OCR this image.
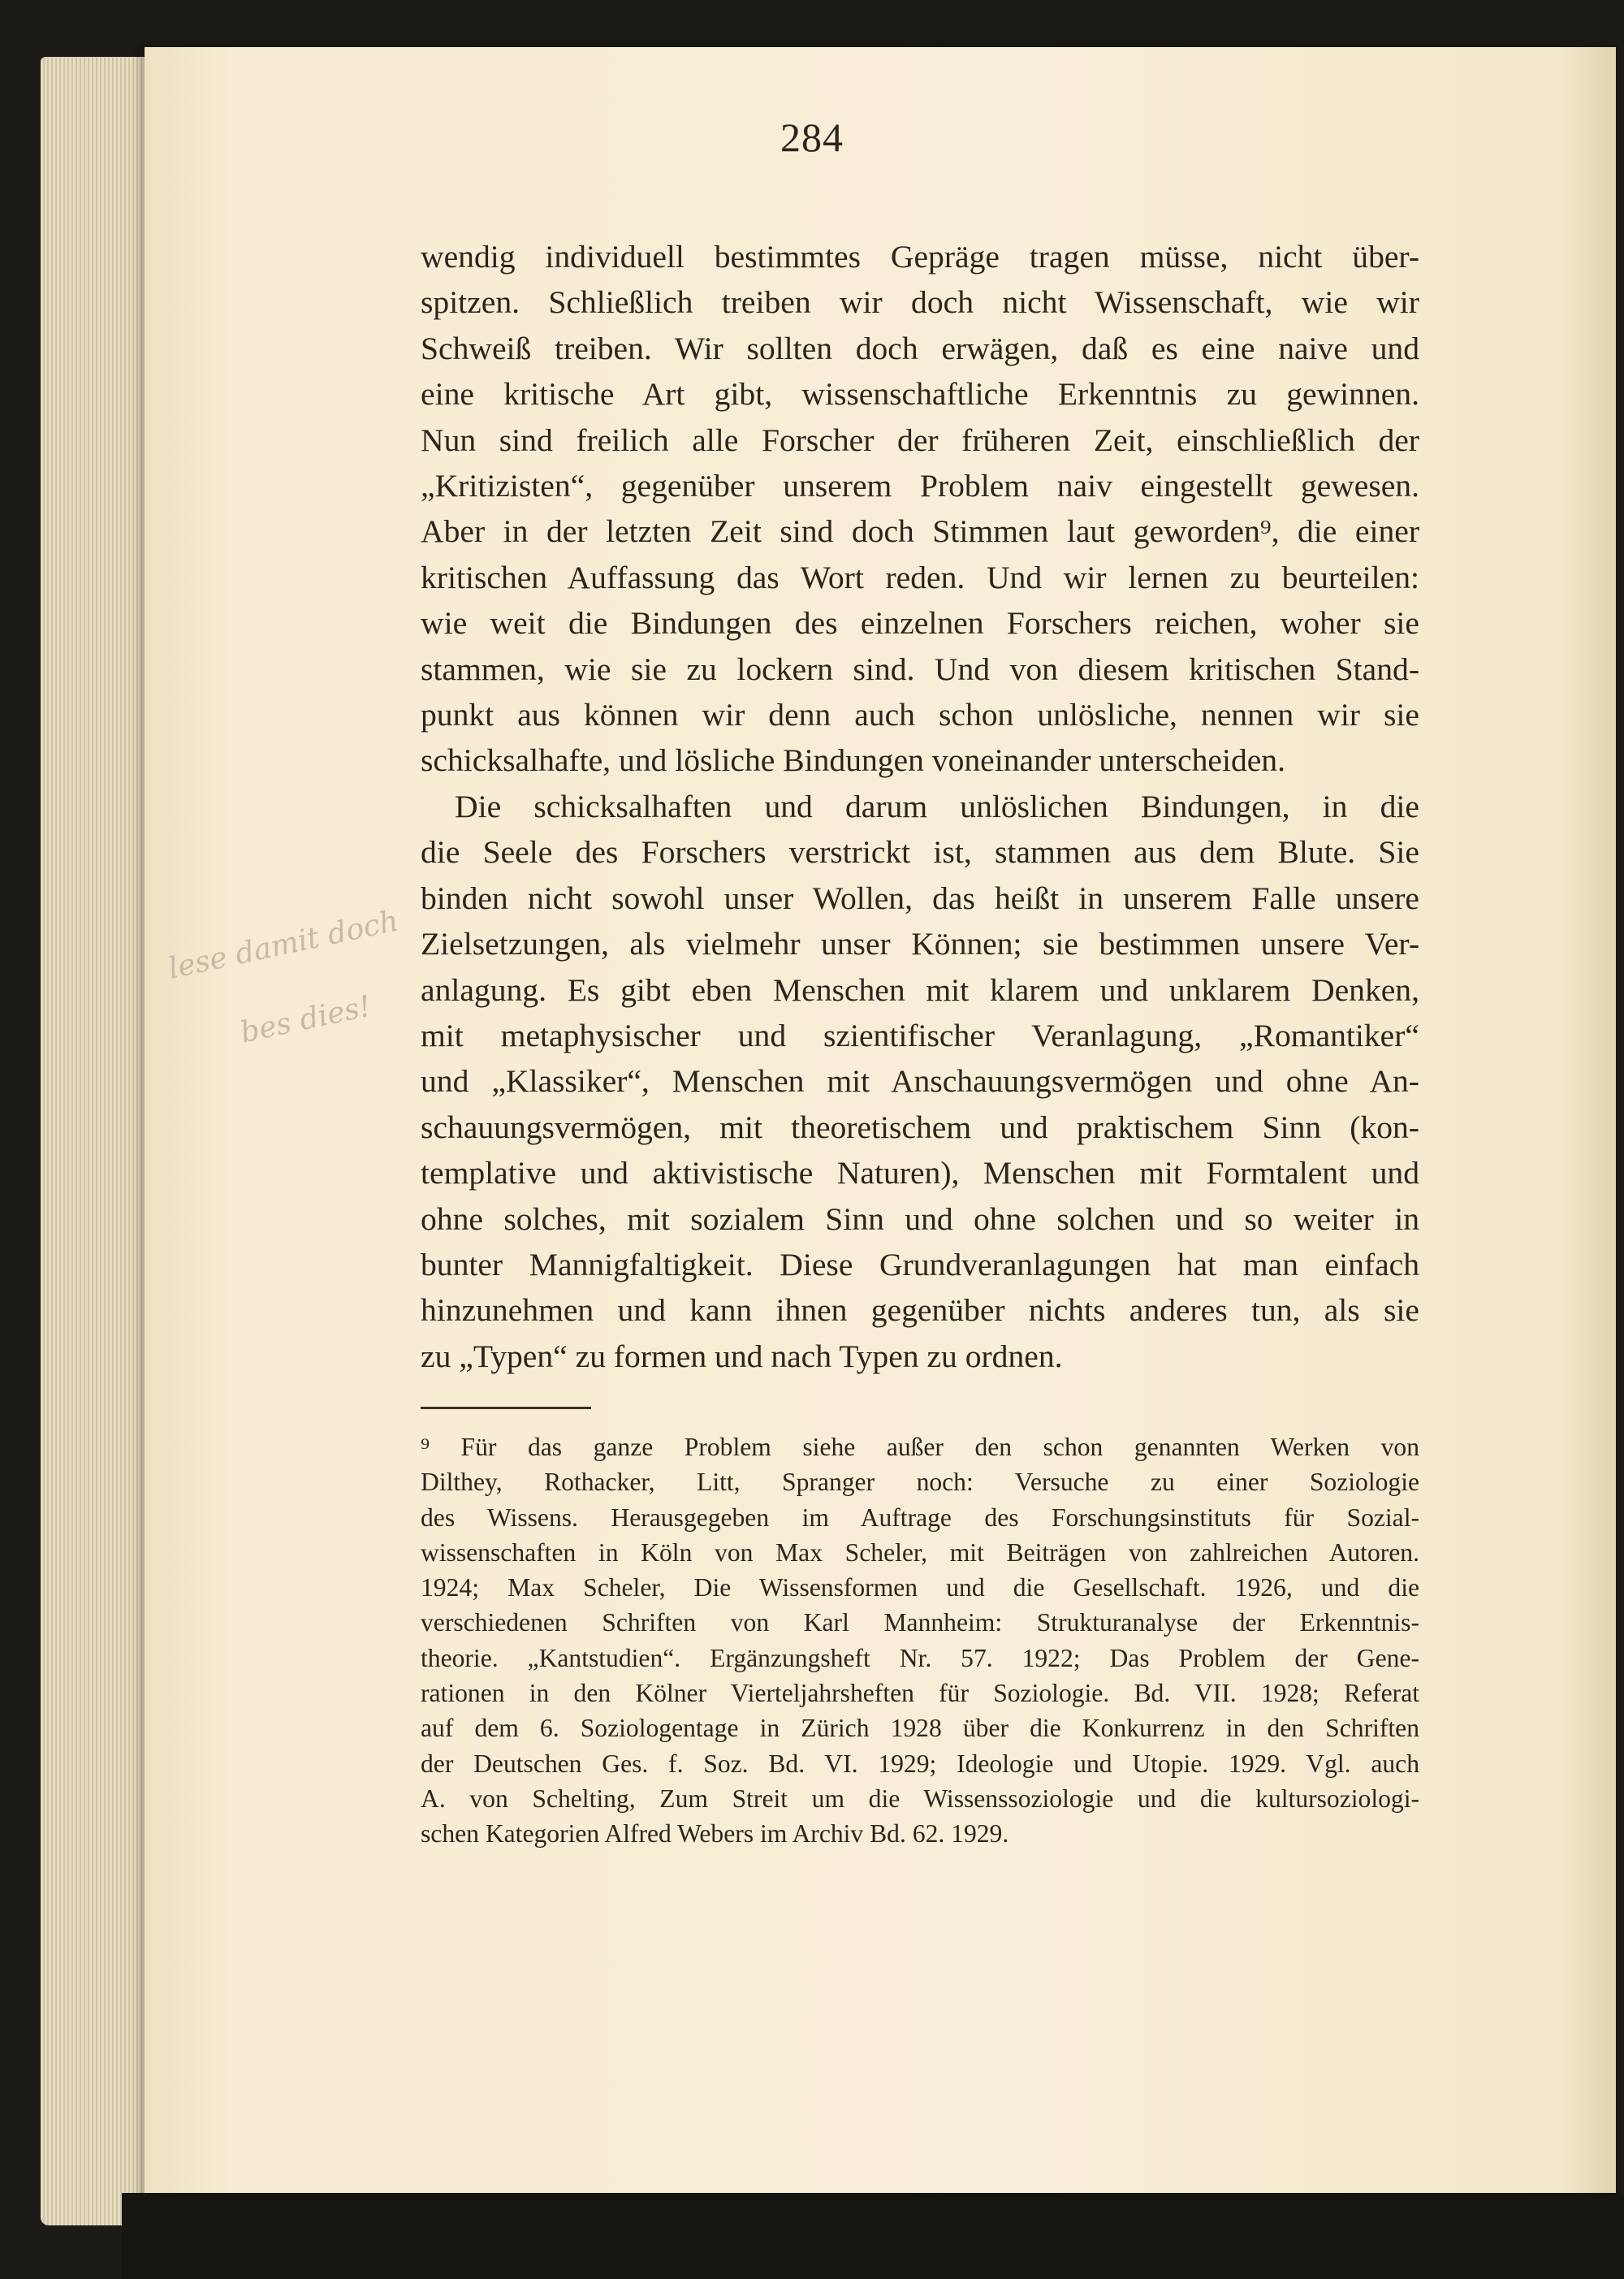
284
wendig individuell bestimmtes Gepräge tragen müsse, nicht über-
spitzen. Schließlich treiben wir doch nicht Wissenschaft, wie wir
Schweiß treiben. Wir sollten doch erwägen, daß es eine naive und
eine kritische Art gibt, wissenschaftliche Erkenntnis zu gewinnen.
Nun sind freilich alle Forscher der früheren Zeit, einschließlich der
„Kritizisten“, gegenüber unserem Problem naiv eingestellt gewesen.
Aber in der letzten Zeit sind doch Stimmen laut geworden⁹, die einer
kritischen Auffassung das Wort reden. Und wir lernen zu beurteilen:
wie weit die Bindungen des einzelnen Forschers reichen, woher sie
stammen, wie sie zu lockern sind. Und von diesem kritischen Stand-
punkt aus können wir denn auch schon unlösliche, nennen wir sie
schicksalhafte, und lösliche Bindungen voneinander unterscheiden.
Die schicksalhaften und darum unlöslichen Bindungen, in die
die Seele des Forschers verstrickt ist, stammen aus dem Blute. Sie
binden nicht sowohl unser Wollen, das heißt in unserem Falle unsere
Zielsetzungen, als vielmehr unser Können; sie bestimmen unsere Ver-
anlagung. Es gibt eben Menschen mit klarem und unklarem Denken,
mit metaphysischer und szientifischer Veranlagung, „Romantiker“
und „Klassiker“, Menschen mit Anschauungsvermögen und ohne An-
schauungsvermögen, mit theoretischem und praktischem Sinn (kon-
templative und aktivistische Naturen), Menschen mit Formtalent und
ohne solches, mit sozialem Sinn und ohne solchen und so weiter in
bunter Mannigfaltigkeit. Diese Grundveranlagungen hat man einfach
hinzunehmen und kann ihnen gegenüber nichts anderes tun, als sie
zu „Typen“ zu formen und nach Typen zu ordnen.
⁹ Für das ganze Problem siehe außer den schon genannten Werken von
Dilthey, Rothacker, Litt, Spranger noch: Versuche zu einer Soziologie
des Wissens. Herausgegeben im Auftrage des Forschungsinstituts für Sozial-
wissenschaften in Köln von Max Scheler, mit Beiträgen von zahlreichen Autoren.
1924; Max Scheler, Die Wissensformen und die Gesellschaft. 1926, und die
verschiedenen Schriften von Karl Mannheim: Strukturanalyse der Erkenntnis-
theorie. „Kantstudien“. Ergänzungsheft Nr. 57. 1922; Das Problem der Gene-
rationen in den Kölner Vierteljahrsheften für Soziologie. Bd. VII. 1928; Referat
auf dem 6. Soziologentage in Zürich 1928 über die Konkurrenz in den Schriften
der Deutschen Ges. f. Soz. Bd. VI. 1929; Ideologie und Utopie. 1929. Vgl. auch
A. von Schelting, Zum Streit um die Wissenssoziologie und die kultursoziologi-
schen Kategorien Alfred Webers im Archiv Bd. 62. 1929.
lese damit doch
bes dies!
